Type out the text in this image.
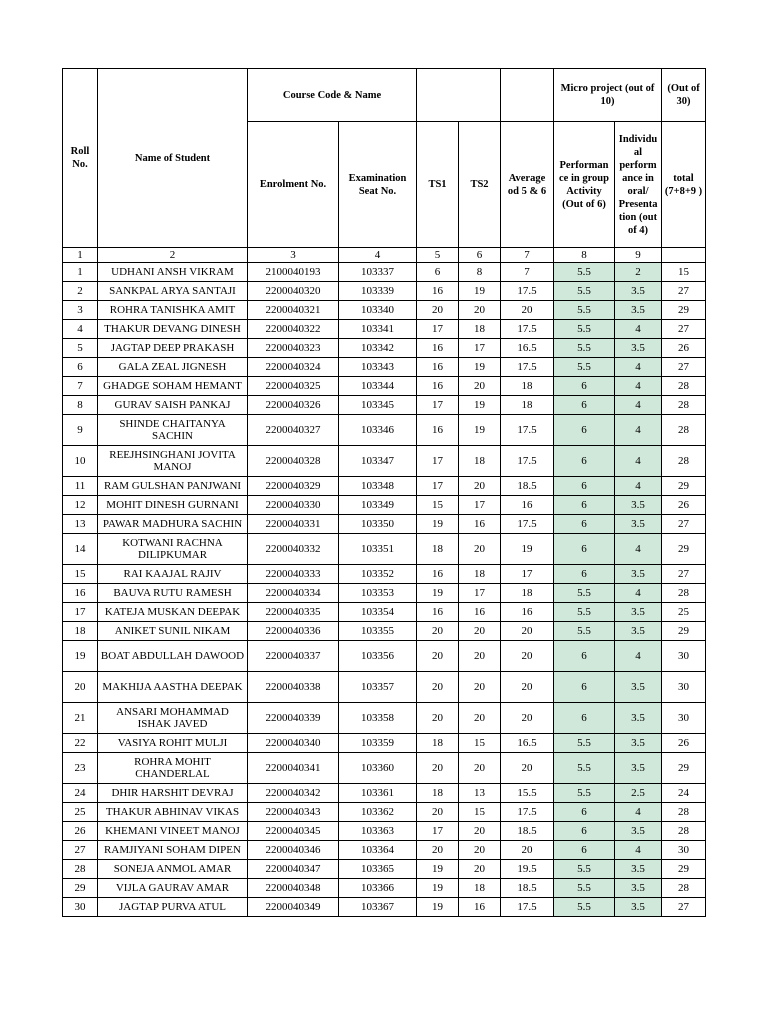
Roll No.	Name of Student	Course Code & Name					Micro project (out of 10)		(Out of 30)
		Enrolment No.	Examination Seat No.	TS1	TS2	Average od 5 & 6	Performan ce in group Activity (Out of 6)	Individu al perform ance in oral/ Presenta tion (out of 4)	total (7+8+9 )
1	2	3	4	5	6	7	8	9	
1	UDHANI ANSH VIKRAM	2100040193	103337	6	8	7	5.5	2	15
2	SANKPAL ARYA SANTAJI	2200040320	103339	16	19	17.5	5.5	3.5	27
3	ROHRA TANISHKA AMIT	2200040321	103340	20	20	20	5.5	3.5	29
4	THAKUR DEVANG DINESH	2200040322	103341	17	18	17.5	5.5	4	27
5	JAGTAP DEEP PRAKASH	2200040323	103342	16	17	16.5	5.5	3.5	26
6	GALA ZEAL JIGNESH	2200040324	103343	16	19	17.5	5.5	4	27
7	GHADGE SOHAM HEMANT	2200040325	103344	16	20	18	6	4	28
8	GURAV SAISH PANKAJ	2200040326	103345	17	19	18	6	4	28
9	SHINDE CHAITANYA SACHIN	2200040327	103346	16	19	17.5	6	4	28
10	REEJHSINGHANI JOVITA MANOJ	2200040328	103347	17	18	17.5	6	4	28
11	RAM GULSHAN PANJWANI	2200040329	103348	17	20	18.5	6	4	29
12	MOHIT DINESH GURNANI	2200040330	103349	15	17	16	6	3.5	26
13	PAWAR MADHURA SACHIN	2200040331	103350	19	16	17.5	6	3.5	27
14	KOTWANI RACHNA DILIPKUMAR	2200040332	103351	18	20	19	6	4	29
15	RAI KAAJAL RAJIV	2200040333	103352	16	18	17	6	3.5	27
16	BAUVA RUTU RAMESH	2200040334	103353	19	17	18	5.5	4	28
17	KATEJA MUSKAN DEEPAK	2200040335	103354	16	16	16	5.5	3.5	25
18	ANIKET SUNIL NIKAM	2200040336	103355	20	20	20	5.5	3.5	29
19	BOAT ABDULLAH DAWOOD	2200040337	103356	20	20	20	6	4	30
20	MAKHIJA AASTHA DEEPAK	2200040338	103357	20	20	20	6	3.5	30
21	ANSARI MOHAMMAD ISHAK JAVED	2200040339	103358	20	20	20	6	3.5	30
22	VASIYA ROHIT MULJI	2200040340	103359	18	15	16.5	5.5	3.5	26
23	ROHRA MOHIT CHANDERLAL	2200040341	103360	20	20	20	5.5	3.5	29
24	DHIR HARSHIT DEVRAJ	2200040342	103361	18	13	15.5	5.5	2.5	24
25	THAKUR ABHINAV VIKAS	2200040343	103362	20	15	17.5	6	4	28
26	KHEMANI VINEET MANOJ	2200040345	103363	17	20	18.5	6	3.5	28
27	RAMJIYANI SOHAM DIPEN	2200040346	103364	20	20	20	6	4	30
28	SONEJA ANMOL AMAR	2200040347	103365	19	20	19.5	5.5	3.5	29
29	VIJLA GAURAV AMAR	2200040348	103366	19	18	18.5	5.5	3.5	28
30	JAGTAP PURVA ATUL	2200040349	103367	19	16	17.5	5.5	3.5	27
